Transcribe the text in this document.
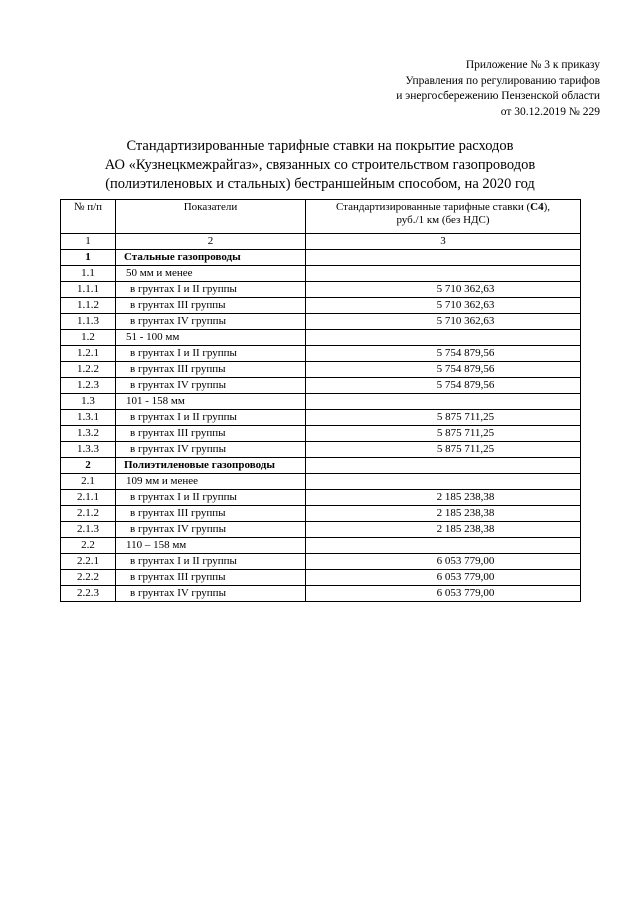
Приложение № 3 к приказу
Управления по регулированию тарифов
и энергосбережению Пензенской области
от 30.12.2019 № 229
Стандартизированные тарифные ставки на покрытие расходов
АО «Кузнецкмежрайгаз», связанных со строительством газопроводов
(полиэтиленовых и стальных) бестраншейным способом, на 2020 год
№ п/п	Показатели	Стандартизированные тарифные ставки (С4),
руб./1 км (без НДС)
1	2	3
1	Стальные газопроводы	
1.1	50 мм и менее	
1.1.1	в грунтах I и II группы	5 710 362,63
1.1.2	в грунтах III группы	5 710 362,63
1.1.3	в грунтах IV группы	5 710 362,63
1.2	51 - 100 мм	
1.2.1	в грунтах I и II группы	5 754 879,56
1.2.2	в грунтах III группы	5 754 879,56
1.2.3	в грунтах IV группы	5 754 879,56
1.3	101 - 158 мм	
1.3.1	в грунтах I и II группы	5 875 711,25
1.3.2	в грунтах III группы	5 875 711,25
1.3.3	в грунтах IV группы	5 875 711,25
2	Полиэтиленовые газопроводы	
2.1	109 мм и менее	
2.1.1	в грунтах I и II группы	2 185 238,38
2.1.2	в грунтах III группы	2 185 238,38
2.1.3	в грунтах IV группы	2 185 238,38
2.2	110 – 158 мм	
2.2.1	в грунтах I и II группы	6 053 779,00
2.2.2	в грунтах III группы	6 053 779,00
2.2.3	в грунтах IV группы	6 053 779,00
